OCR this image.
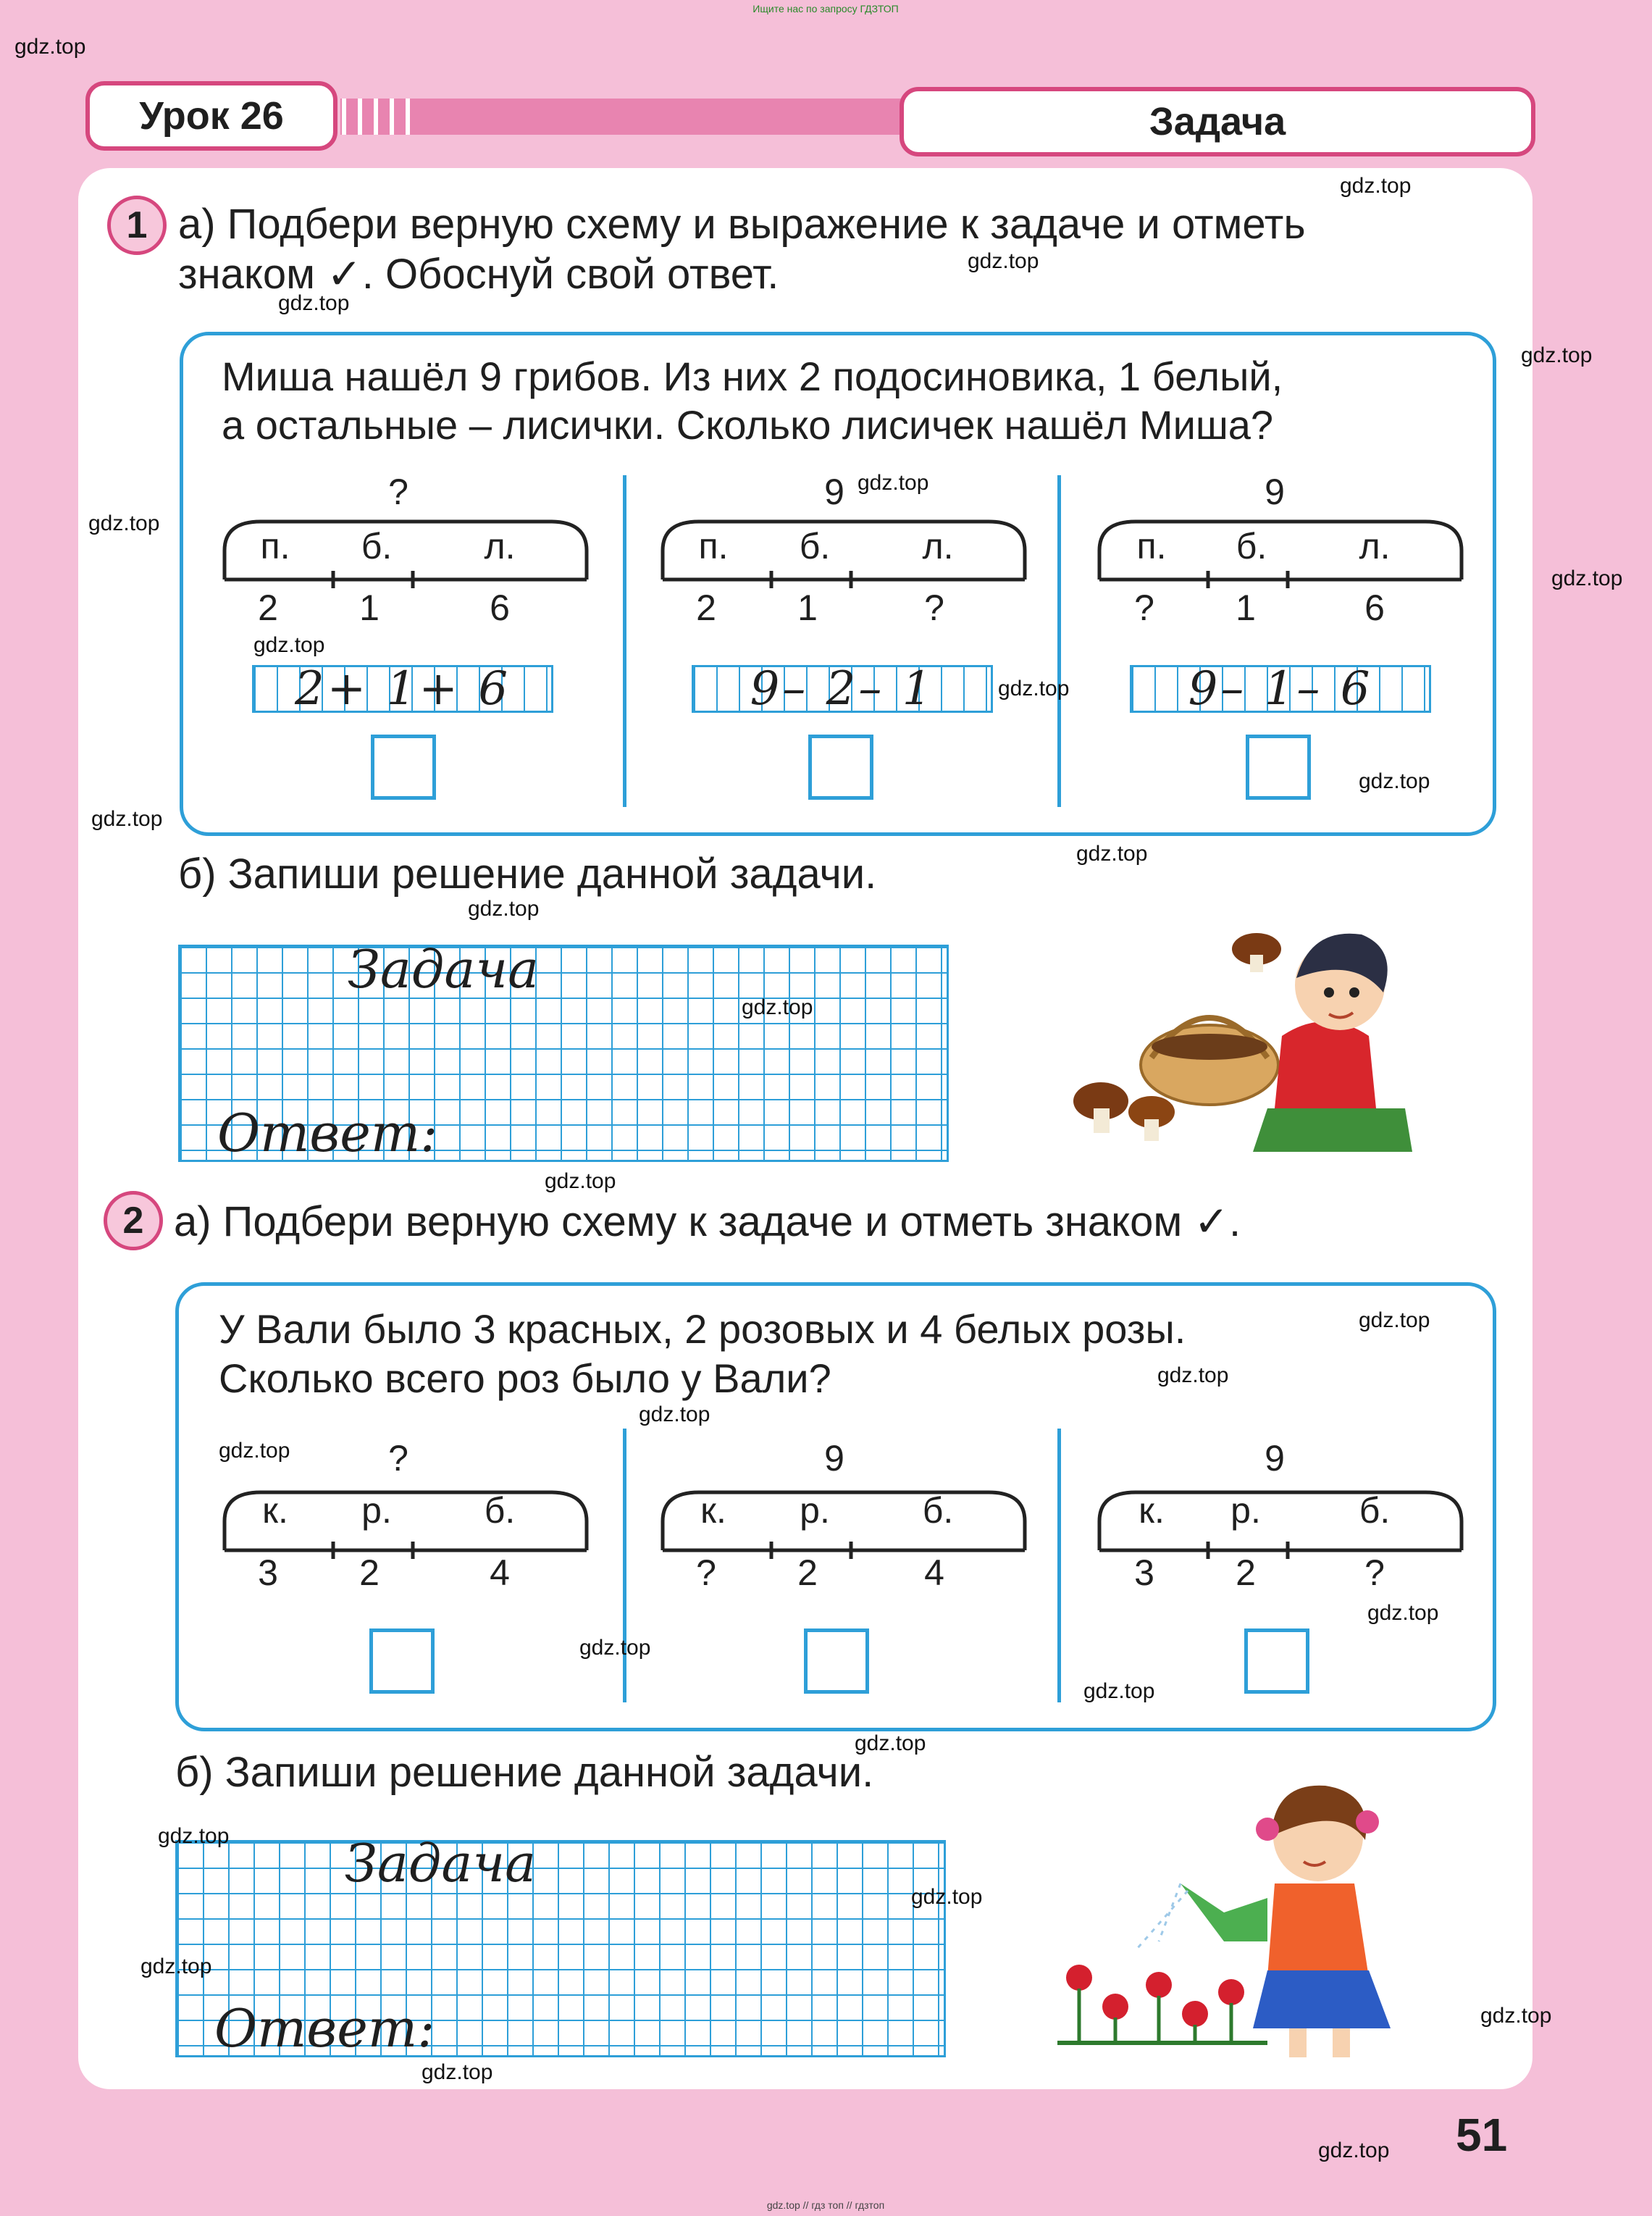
Ищите нас по запросу ГДЗТОП
gdz.top // гдз топ // гдзтоп
Урок 26	Задача
1 а) Подбери верную схему и выражение к задаче и отметь
знаком ✓. Обоснуй свой ответ.
Миша нашёл 9 грибов. Из них 2 подосиновика, 1 белый,
а остальные – лисички. Сколько лисичек нашёл Миша?
?
п.	б.	л.
2	1	6
2+ 1+ 6
9
п.	б.	л.
2	1	?
9– 2– 1
9
п.	б.	л.
?	1	6
9– 1– 6
б) Запиши решение данной задачи.
Задача
Ответ:
2 а) Подбери верную схему к задаче и отметь знаком ✓.
У Вали было 3 красных, 2 розовых и 4 белых розы.
Сколько всего роз было у Вали?
?
к.	р.	б.
3	2	4
9
к.	р.	б.
?	2	4
9
к.	р.	б.
3	2	?
б) Запиши решение данной задачи.
Задача
Ответ:
51
gdz.top
gdz.top
gdz.top
gdz.top
gdz.top
gdz.top
gdz.top
gdz.top
gdz.top
gdz.top
gdz.top
gdz.top
gdz.top
gdz.top
gdz.top
gdz.top
gdz.top
gdz.top
gdz.top
gdz.top
gdz.top
gdz.top
gdz.top
gdz.top
gdz.top
gdz.top
gdz.top
gdz.top
gdz.top
gdz.top
